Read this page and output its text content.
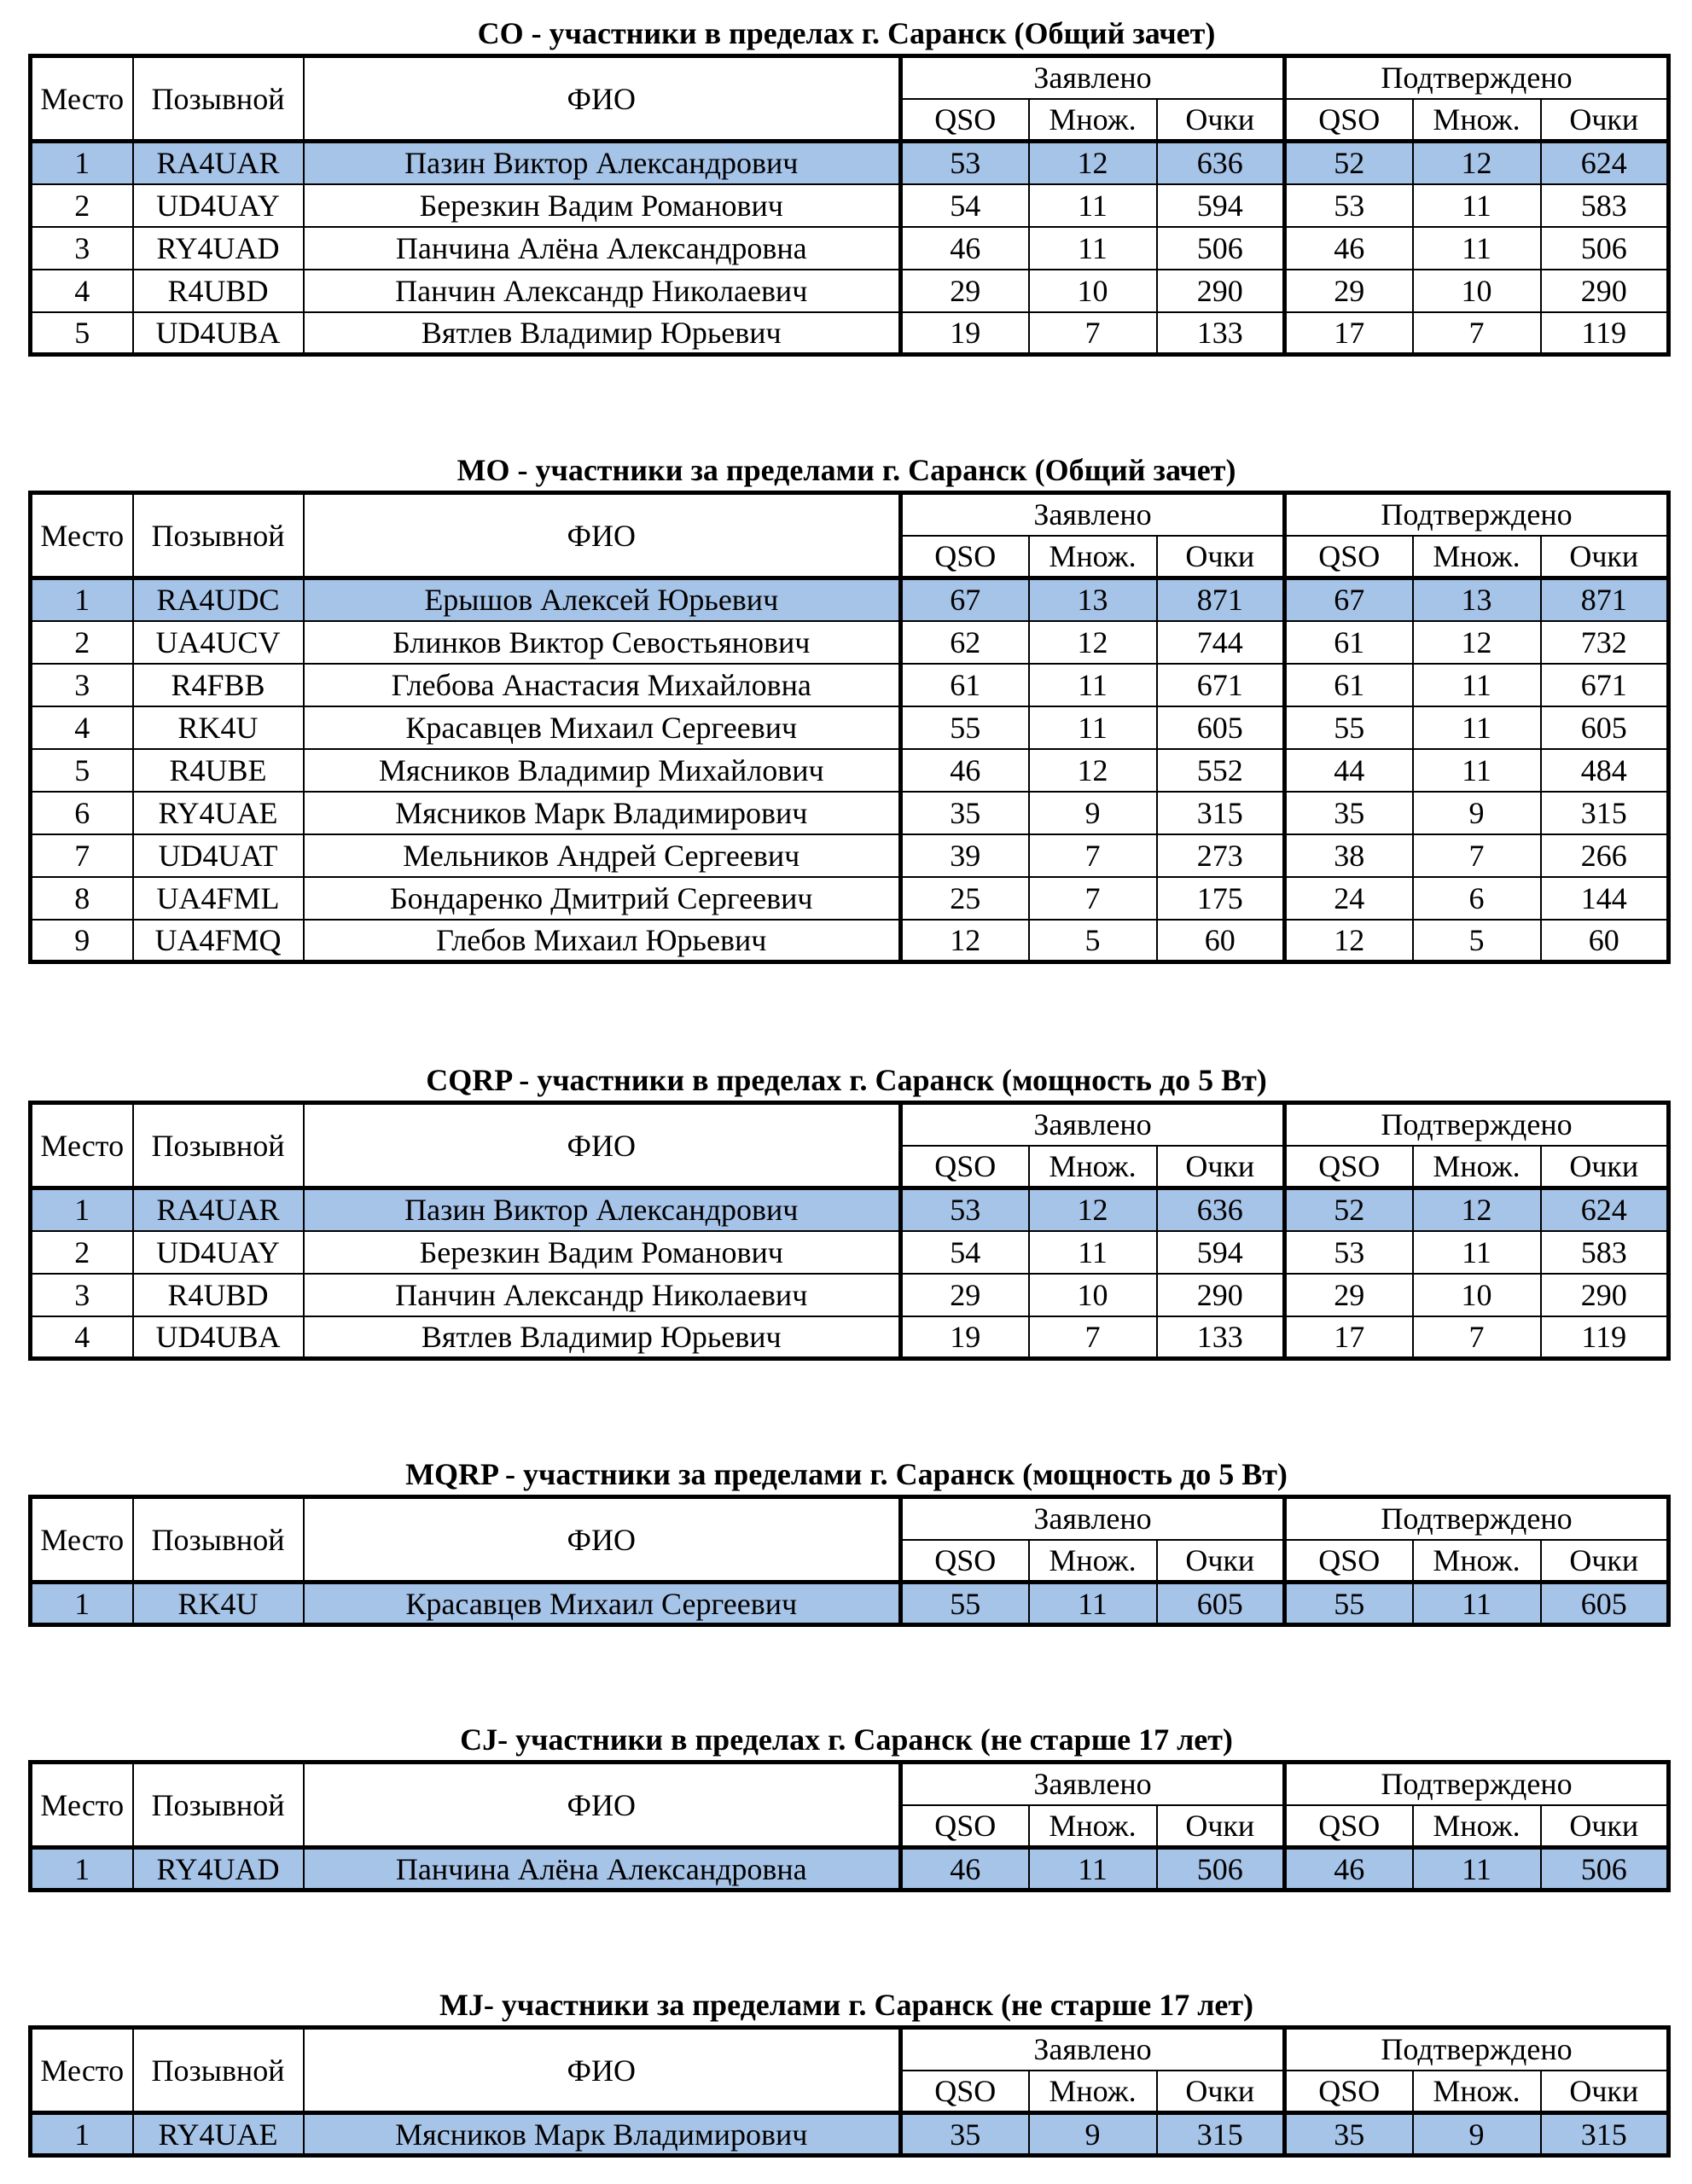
CO - участники в пределах г. Саранск (Общий зачет)
Место	Позывной	ФИО	Заявлено			Подтверждено		
			QSO	Множ.	Очки	QSO	Множ.	Очки
1	RA4UAR	Пазин Виктор Александрович	53	12	636	52	12	624
2	UD4UAY	Березкин Вадим Романович	54	11	594	53	11	583
3	RY4UAD	Панчина Алёна Александровна	46	11	506	46	11	506
4	R4UBD	Панчин Александр Николаевич	29	10	290	29	10	290
5	UD4UBA	Вятлев Владимир Юрьевич	19	7	133	17	7	119
MO - участники за пределами г. Саранск (Общий зачет)
Место	Позывной	ФИО	Заявлено			Подтверждено		
			QSO	Множ.	Очки	QSO	Множ.	Очки
1	RA4UDC	Ерышов Алексей Юрьевич	67	13	871	67	13	871
2	UA4UCV	Блинков Виктор Севостьянович	62	12	744	61	12	732
3	R4FBB	Глебова Анастасия Михайловна	61	11	671	61	11	671
4	RK4U	Красавцев Михаил Сергеевич	55	11	605	55	11	605
5	R4UBE	Мясников Владимир Михайлович	46	12	552	44	11	484
6	RY4UAE	Мясников Марк Владимирович	35	9	315	35	9	315
7	UD4UAT	Мельников Андрей Сергеевич	39	7	273	38	7	266
8	UA4FML	Бондаренко Дмитрий Сергеевич	25	7	175	24	6	144
9	UA4FMQ	Глебов Михаил Юрьевич	12	5	60	12	5	60
CQRP - участники в пределах г. Саранск (мощность до 5 Вт)
Место	Позывной	ФИО	Заявлено			Подтверждено		
			QSO	Множ.	Очки	QSO	Множ.	Очки
1	RA4UAR	Пазин Виктор Александрович	53	12	636	52	12	624
2	UD4UAY	Березкин Вадим Романович	54	11	594	53	11	583
3	R4UBD	Панчин Александр Николаевич	29	10	290	29	10	290
4	UD4UBA	Вятлев Владимир Юрьевич	19	7	133	17	7	119
MQRP - участники за пределами г. Саранск (мощность до 5 Вт)
Место	Позывной	ФИО	Заявлено			Подтверждено		
			QSO	Множ.	Очки	QSO	Множ.	Очки
1	RK4U	Красавцев Михаил Сергеевич	55	11	605	55	11	605
CJ- участники в пределах г. Саранск (не старше 17 лет)
Место	Позывной	ФИО	Заявлено			Подтверждено		
			QSO	Множ.	Очки	QSO	Множ.	Очки
1	RY4UAD	Панчина Алёна Александровна	46	11	506	46	11	506
MJ- участники за пределами г. Саранск (не старше 17 лет)
Место	Позывной	ФИО	Заявлено			Подтверждено		
			QSO	Множ.	Очки	QSO	Множ.	Очки
1	RY4UAE	Мясников Марк Владимирович	35	9	315	35	9	315
